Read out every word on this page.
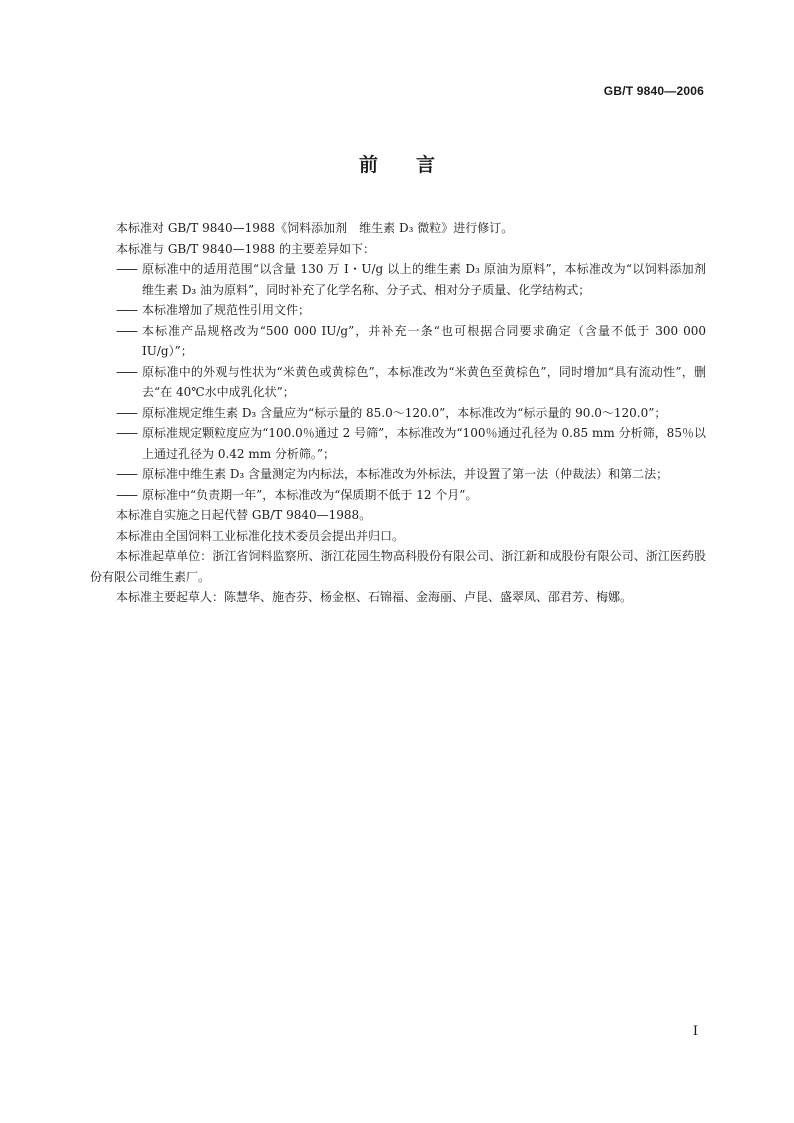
GB/T 9840—2006
前言

本标准对 GB/T 9840—1988《饲料添加剂　维生素 D₃ 微粒》进行修订。

本标准与 GB/T 9840—1988 的主要差异如下：

—— 原标准中的适用范围“以含量 130 万 I・U/g 以上的维生素 D₃ 原油为原料”，本标准改为“以饲料添加剂 维生素 D₃ 油为原料”，同时补充了化学名称、分子式、相对分子质量、化学结构式；

—— 本标准增加了规范性引用文件；

—— 本标准产品规格改为“500 000 IU/g”，并补充一条“也可根据合同要求确定（含量不低于 300 000 IU/g）”；

—— 原标准中的外观与性状为“米黄色或黄棕色”，本标准改为“米黄色至黄棕色”，同时增加“具有流动性”，删去“在 40℃水中成乳化状”；

—— 原标准规定维生素 D₃ 含量应为“标示量的 85.0～120.0”，本标准改为“标示量的 90.0～120.0”；

—— 原标准规定颗粒度应为“100.0％通过 2 号筛”，本标准改为“100％通过孔径为 0.85 mm 分析筛，85％以上通过孔径为 0.42 mm 分析筛。”；

—— 原标准中维生素 D₃ 含量测定为内标法，本标准改为外标法，并设置了第一法（仲裁法）和第二法；

—— 原标准中“负责期一年”，本标准改为“保质期不低于 12 个月”。

本标准自实施之日起代替 GB/T 9840—1988。

本标准由全国饲料工业标准化技术委员会提出并归口。

本标准起草单位：浙江省饲料监察所、浙江花园生物高科股份有限公司、浙江新和成股份有限公司、浙江医药股份有限公司维生素厂。

本标准主要起草人：陈慧华、施杏芬、杨金枢、石锦福、金海丽、卢昆、盛翠凤、邵君芳、梅娜。

I
